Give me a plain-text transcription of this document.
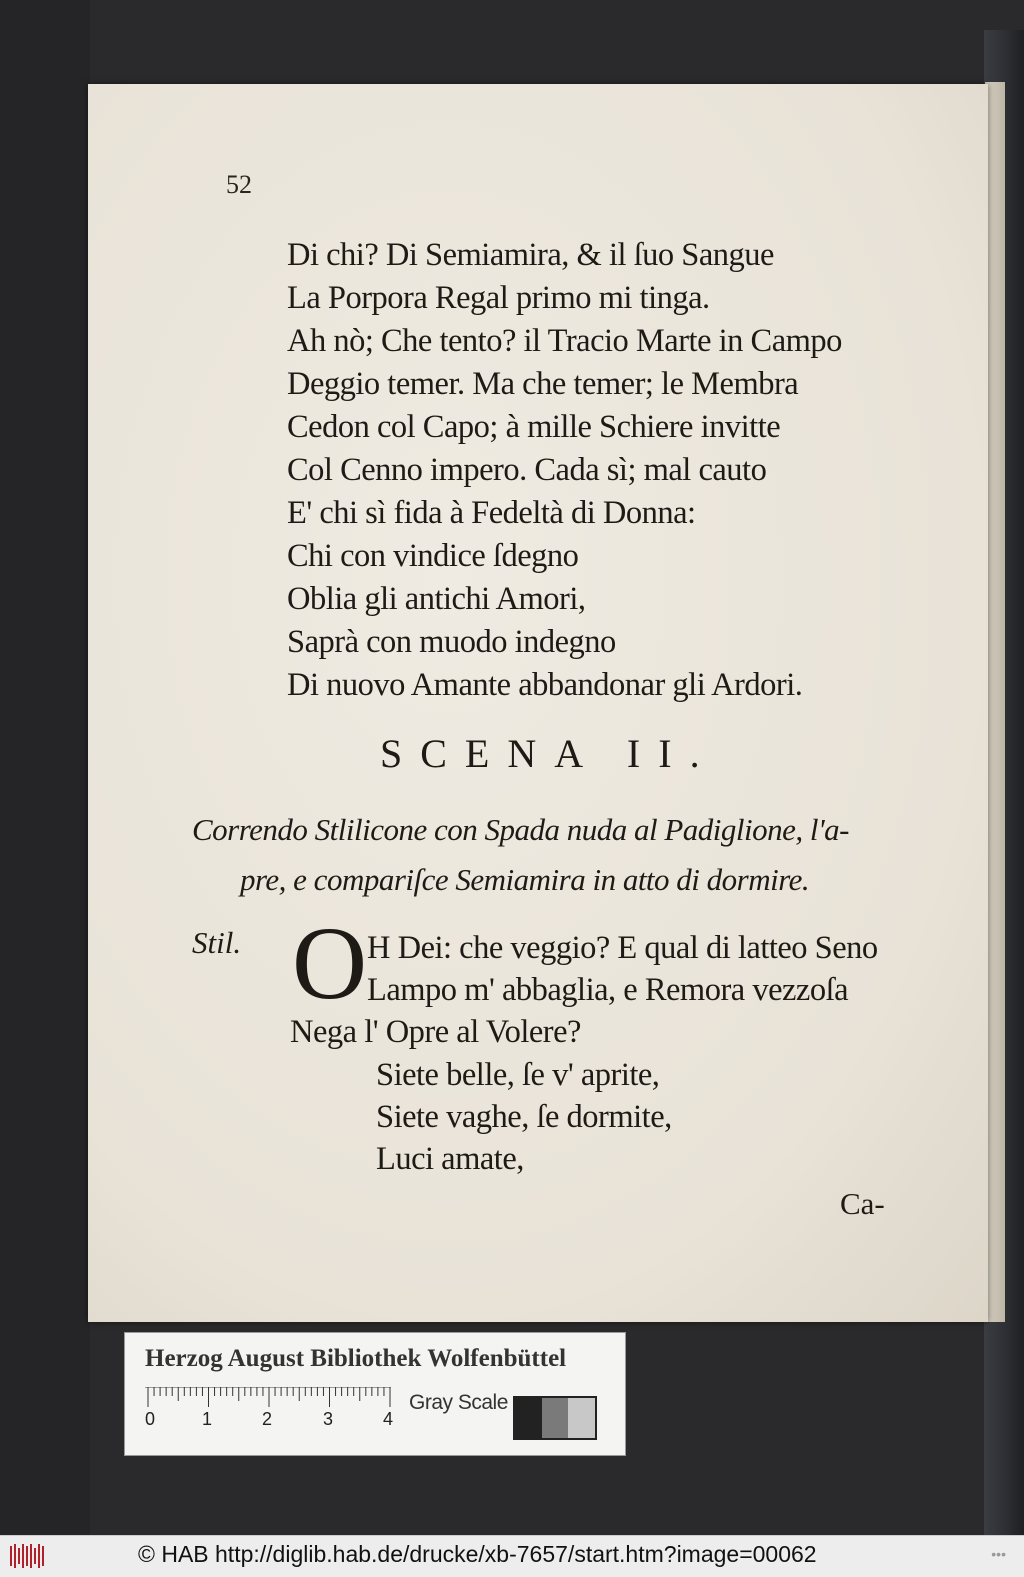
52
Di chi? Di Semiamira, & il ſuo Sangue
La Porpora Regal primo mi tinga.
Ah nò; Che tento? il Tracio Marte in Campo
Deggio temer. Ma che temer; le Membra
Cedon col Capo; à mille Schiere invitte
Col Cenno impero. Cada sì; mal cauto
E' chi sì fida à Fedeltà di Donna:
Chi con vindice ſdegno
Oblia gli antichi Amori,
Saprà con muodo indegno
Di nuovo Amante abbandonar gli Ardori.
SCENA II.
Correndo Stlilicone con Spada nuda al Padiglione, l'a-
pre, e compariſce Semiamira in atto di dormire.
Stil. O H Dei: che veggio? E qual di latteo Seno
Lampo m' abbaglia, e Remora vezzoſa
Nega l' Opre al Volere?
Siete belle, ſe v' aprite,
Siete vaghe, ſe dormite,
Luci amate,
Ca-
Herzog August Bibliothek Wolfenbüttel
0	1	2	3	4
Gray Scale
© HAB http://diglib.hab.de/drucke/xb-7657/start.htm?image=00062	•••
